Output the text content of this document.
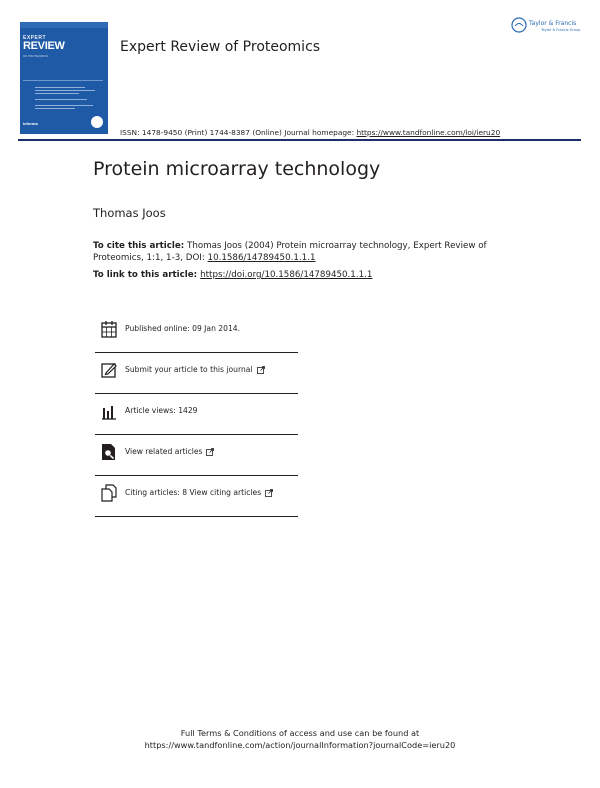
EXPERT
REVIEW
OF PROTEOMICS
informa
Expert Review of Proteomics
ISSN: 1478-9450 (Print) 1744-8387 (Online) Journal homepage: https://www.tandfonline.com/loi/ieru20
Taylor & Francis
Taylor & Francis Group
Protein microarray technology
Thomas Joos
To cite this article: Thomas Joos (2004) Protein microarray technology, Expert Review of Proteomics, 1:1, 1-3, DOI: 10.1586/14789450.1.1.1
To link to this article: https://doi.org/10.1586/14789450.1.1.1
Published online: 09 Jan 2014.
Submit your article to this journal
Article views: 1429
View related articles
Citing articles: 8 View citing articles
Full Terms & Conditions of access and use can be found at
https://www.tandfonline.com/action/journalInformation?journalCode=ieru20
